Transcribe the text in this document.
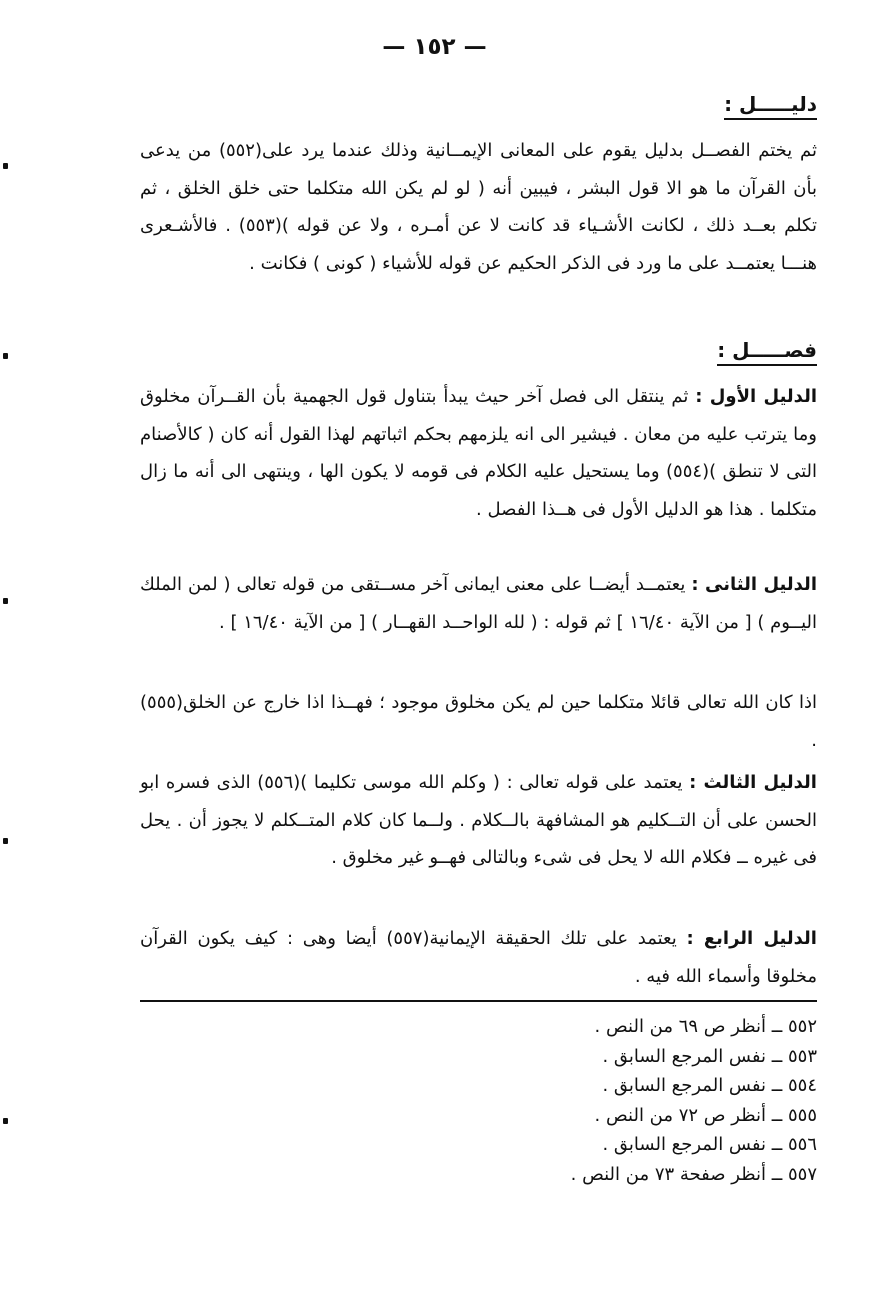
— ١٥٢ —
دليـــــل :
ثم يختم الفصــل بدليل يقوم على المعانى الإيمــانية وذلك عندما يرد على(٥٥٢) من يدعى بأن القرآن ما هو الا قول البشر ، فيبين أنه ( لو لم يكن الله متكلما حتى خلق الخلق ، ثم تكلم بعــد ذلك ، لكانت الأشـياء قد كانت لا عن أمـره ، ولا عن قوله )(٥٥٣) . فالأشـعرى هنـــا يعتمــد على ما ورد فى الذكر الحكيم عن قوله للأشياء ( كونى ) فكانت .
فصـــــل :
الدليل الأول : ثم ينتقل الى فصل آخر حيث يبدأ بتناول قول الجهمية بأن القــرآن مخلوق وما يترتب عليه من معان . فيشير الى انه يلزمهم بحكم اثباتهم لهذا القول أنه كان ( كالأصنام التى لا تنطق )(٥٥٤) وما يستحيل عليه الكلام فى قومه لا يكون الها ، وينتهى الى أنه ما زال متكلما . هذا هو الدليل الأول فى هــذا الفصل .
الدليل الثانى : يعتمــد أيضــا على معنى ايمانى آخر مســتقى من قوله تعالى ( لمن الملك اليــوم ) [ من الآية ١٦/٤٠ ] ثم قوله : ( لله الواحــد القهــار ) [ من الآية ١٦/٤٠ ] .
اذا كان الله تعالى قائلا متكلما حين لم يكن مخلوق موجود ؛ فهــذا اذا خارج عن الخلق(٥٥٥) .
الدليل الثالث : يعتمد على قوله تعالى : ( وكلم الله موسى تكليما )(٥٥٦) الذى فسره ابو الحسن على أن التــكليم هو المشافهة بالــكلام . ولــما كان كلام المتــكلم لا يجوز أن . يحل فى غيره ــ فكلام الله لا يحل فى شىء وبالتالى فهــو غير مخلوق .
الدليل الرابع : يعتمد على تلك الحقيقة الإيمانية(٥٥٧) أيضا وهى : كيف يكون القرآن مخلوقا وأسماء الله فيه .
٥٥٢ ــ أنظر ص ٦٩ من النص .
٥٥٣ ــ نفس المرجع السابق .
٥٥٤ ــ نفس المرجع السابق .
٥٥٥ ــ أنظر ص ٧٢ من النص .
٥٥٦ ــ نفس المرجع السابق .
٥٥٧ ــ أنظر صفحة ٧٣ من النص .
